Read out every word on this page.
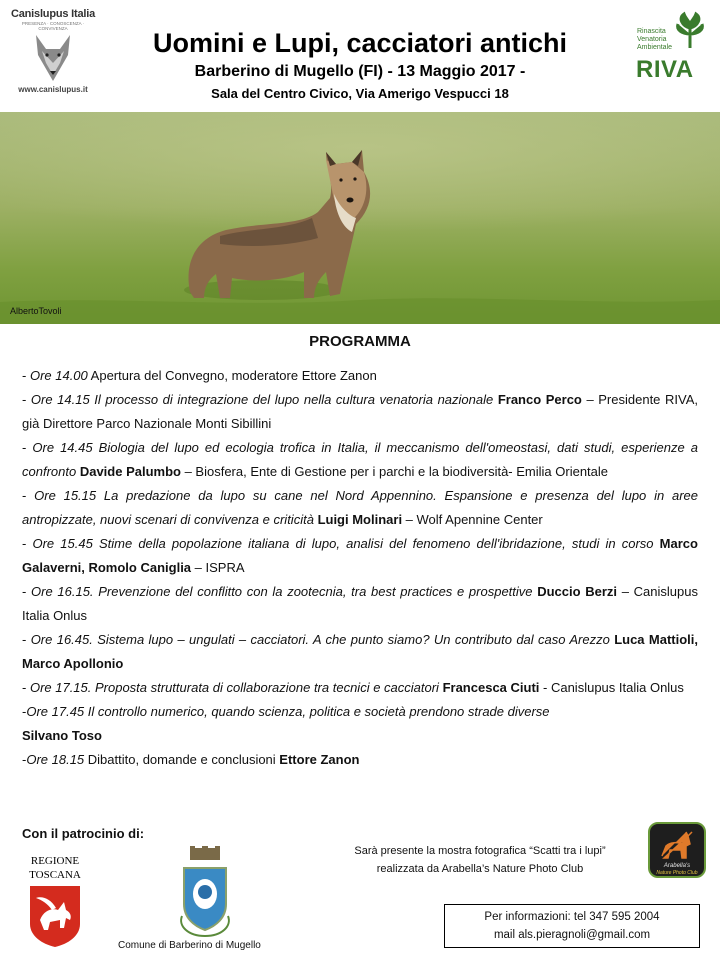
Canislupus Italia
PRESENZA · CONOSCENZA · CONVIVENZA
www.canislupus.it
Uomini e Lupi, cacciatori antichi
Barberino di Mugello (FI) - 13 Maggio 2017 -
Sala del Centro Civico, Via Amerigo Vespucci 18
Rinascita
Venatoria
Ambientale
RIVA
AlbertoTovoli
PROGRAMMA

- Ore 14.00 Apertura del Convegno, moderatore Ettore Zanon

- Ore 14.15 Il processo di integrazione del lupo nella cultura venatoria nazionale Franco Perco – Presidente RIVA, già Direttore Parco Nazionale Monti Sibillini

- Ore 14.45 Biologia del lupo ed ecologia trofica in Italia, il meccanismo dell'omeostasi, dati studi, esperienze a confronto Davide Palumbo – Biosfera, Ente di Gestione per i parchi e la biodiversità- Emilia Orientale

- Ore 15.15 La predazione da lupo su cane nel Nord Appennino. Espansione e presenza del lupo in aree antropizzate, nuovi scenari di convivenza e criticità Luigi Molinari – Wolf Apennine Center

- Ore 15.45 Stime della popolazione italiana di lupo, analisi del fenomeno dell'ibridazione, studi in corso Marco Galaverni, Romolo Caniglia – ISPRA

- Ore 16.15. Prevenzione del conflitto con la zootecnia, tra best practices e prospettive Duccio Berzi – Canislupus Italia Onlus

- Ore 16.45. Sistema lupo – ungulati – cacciatori. A che punto siamo? Un contributo dal caso Arezzo Luca Mattioli, Marco Apollonio

- Ore 17.15. Proposta strutturata di collaborazione tra tecnici e cacciatori Francesca Ciuti - Canislupus Italia Onlus

-Ore 17.45 Il controllo numerico, quando scienza, politica e società prendono strade diverse

Silvano Toso

-Ore 18.15 Dibattito, domande e conclusioni Ettore Zanon

Con il patrocinio di:
REGIONE
TOSCANA
Comune di Barberino di Mugello
Sarà presente la mostra fotografica “Scatti tra i lupi”
realizzata da Arabella’s Nature Photo Club	Arabella's
Nature Photo Club
Per informazioni: tel 347 595 2004
mail als.pieragnoli@gmail.com
